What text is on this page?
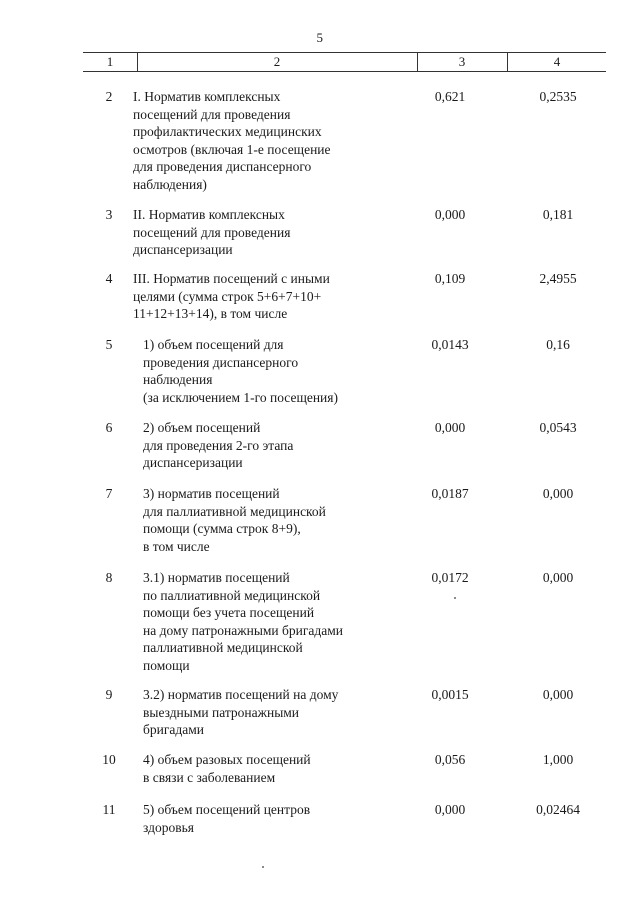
5
1	2	3	4
2	I. Норматив комплексных
посещений для проведения
профилактических медицинских
осмотров (включая 1-е посещение
для проведения диспансерного
наблюдения)
0,621	0,2535
3	II. Норматив комплексных
посещений для проведения
диспансеризации
0,000	0,181
4	III. Норматив посещений с иными
целями (сумма строк 5+6+7+10+
11+12+13+14), в том числе
0,109	2,4955
5	1) объем посещений для
проведения диспансерного
наблюдения
(за исключением 1-го посещения)
0,0143	0,16
6	2) объем посещений
для проведения 2-го этапа
диспансеризации
0,000	0,0543
7	3) норматив посещений
для паллиативной медицинской
помощи (сумма строк 8+9),
в том числе
0,0187	0,000
8	3.1) норматив посещений
по паллиативной медицинской
помощи без учета посещений
на дому патронажными бригадами
паллиативной медицинской
помощи
0,0172	0,000
9	3.2) норматив посещений на дому
выездными патронажными
бригадами
0,0015	0,000
10	4) объем разовых посещений
в связи с заболеванием
0,056	1,000
11	5) объем посещений центров
здоровья
0,000	0,02464
